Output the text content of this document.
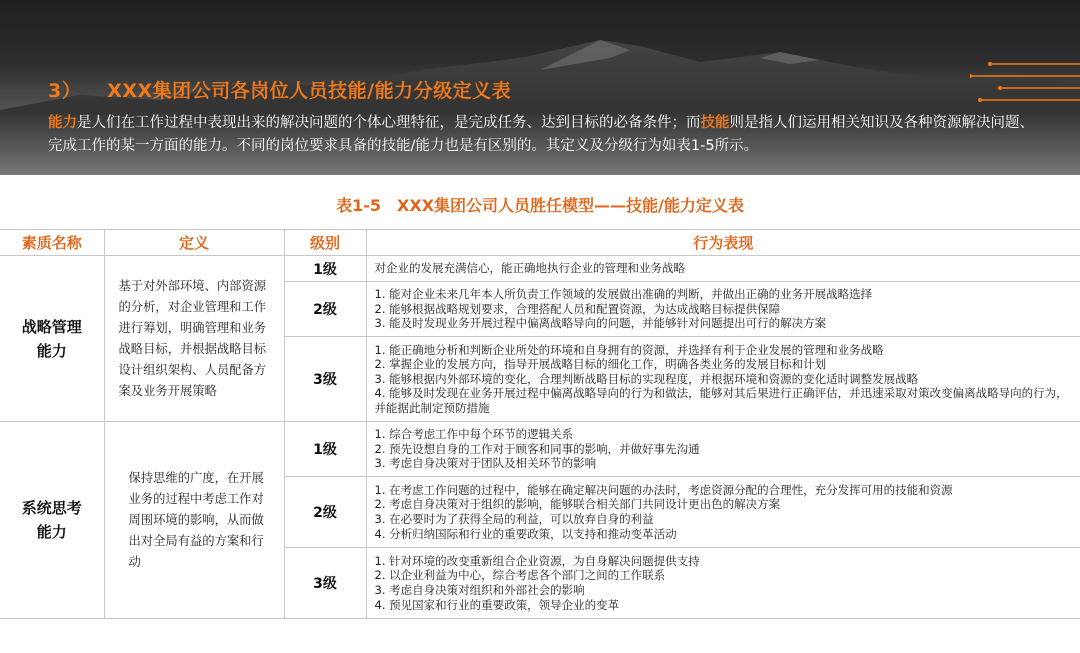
3） XXX集团公司各岗位人员技能/能力分级定义表
能力是人们在工作过程中表现出来的解决问题的个体心理特征，是完成任务、达到目标的必备条件；而技能则是指人们运用相关知识及各种资源解决问题、完成工作的某一方面的能力。不同的岗位要求具备的技能/能力也是有区别的。其定义及分级行为如表1-5所示。
表1-5　XXX集团公司人员胜任模型——技能/能力定义表
素质名称	定义	级别	行为表现

战略管理能力	基于对外部环境、内部资源的分析，对企业管理和工作进行筹划，明确管理和业务战略目标，并根据战略目标设计组织架构、人员配备方案及业务开展策略	1级	对企业的发展充满信心，能正确地执行企业的管理和业务战略

		2级	1. 能对企业未来几年本人所负责工作领域的发展做出准确的判断，并做出正确的业务开展战略选择
2. 能够根据战略规划要求，合理搭配人员和配置资源，为达成战略目标提供保障
3. 能及时发现业务开展过程中偏离战略导向的问题，并能够针对问题提出可行的解决方案

		3级	1. 能正确地分析和判断企业所处的环境和自身拥有的资源，并选择有利于企业发展的管理和业务战略
2. 掌握企业的发展方向，指导开展战略目标的细化工作，明确各类业务的发展目标和计划
3. 能够根据内外部环境的变化，合理判断战略目标的实现程度，并根据环境和资源的变化适时调整发展战略
4. 能够及时发现在业务开展过程中偏离战略导向的行为和做法，能够对其后果进行正确评估，并迅速采取对策改变偏离战略导向的行为，并能据此制定预防措施

系统思考能力	保持思维的广度，在开展业务的过程中考虑工作对周围环境的影响，从而做出对全局有益的方案和行动	1级	1. 综合考虑工作中每个环节的逻辑关系
2. 预先设想自身的工作对于顾客和同事的影响，并做好事先沟通
3. 考虑自身决策对于团队及相关环节的影响

		2级	1. 在考虑工作问题的过程中，能够在确定解决问题的办法时，考虑资源分配的合理性，充分发挥可用的技能和资源
2. 考虑自身决策对于组织的影响，能够联合相关部门共同设计更出色的解决方案
3. 在必要时为了获得全局的利益，可以放弃自身的利益
4. 分析归纳国际和行业的重要政策，以支持和推动变革活动

		3级	1. 针对环境的改变重新组合企业资源，为自身解决问题提供支持
2. 以企业利益为中心，综合考虑各个部门之间的工作联系
3. 考虑自身决策对组织和外部社会的影响
4. 预见国家和行业的重要政策，领导企业的变革
